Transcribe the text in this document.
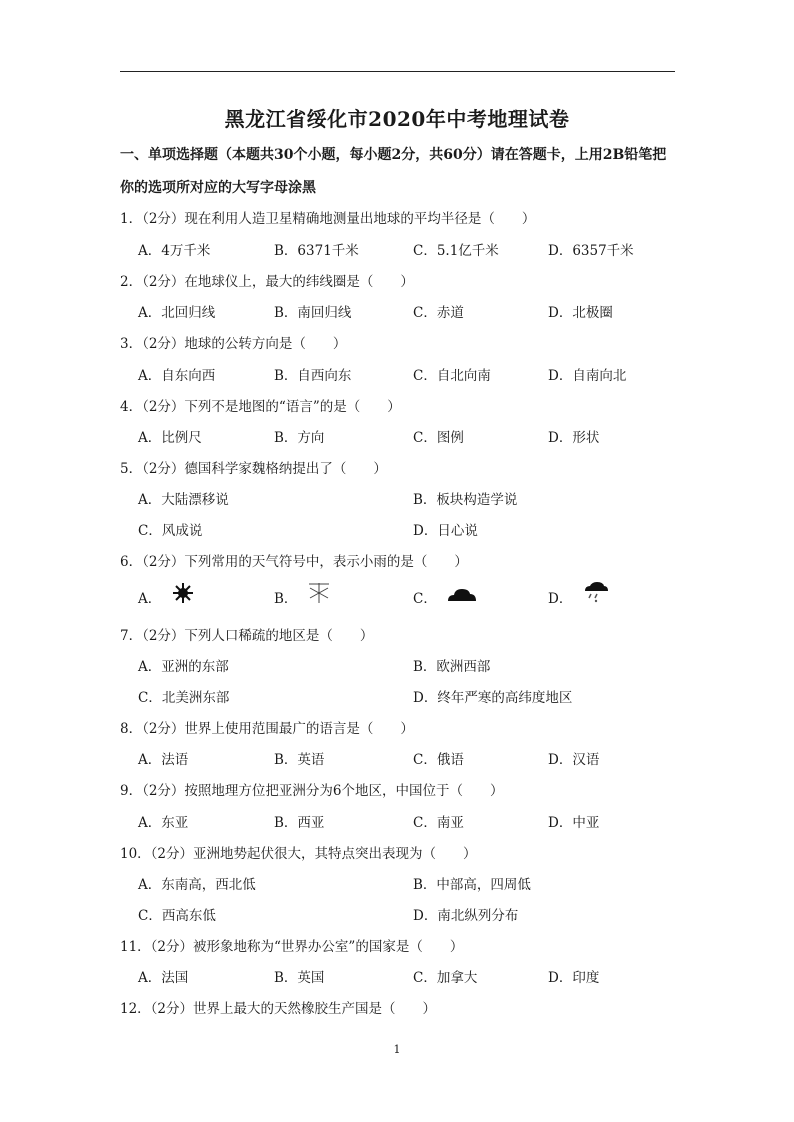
黑龙江省绥化市2020年中考地理试卷
一、单项选择题（本题共30个小题，每小题2分，共60分）请在答题卡，上用2B铅笔把
你的选项所对应的大写字母涂黑
1．（2分）现在利用人造卫星精确地测量出地球的平均半径是（　　）
A．4万千米	B．6371千米	C．5.1亿千米	D．6357千米
2．（2分）在地球仪上，最大的纬线圈是（　　）
A．北回归线	B．南回归线	C．赤道	D．北极圈
3．（2分）地球的公转方向是（　　）
A．自东向西	B．自西向东	C．自北向南	D．自南向北
4．（2分）下列不是地图的“语言”的是（　　）
A．比例尺	B．方向	C．图例	D．形状
5．（2分）德国科学家魏格纳提出了（　　）
A．大陆漂移说	B．板块构造学说
C．风成说	D．日心说
6．（2分）下列常用的天气符号中，表示小雨的是（　　）
A．	B．	C．	D．
7．（2分）下列人口稀疏的地区是（　　）
A．亚洲的东部	B．欧洲西部
C．北美洲东部	D．终年严寒的高纬度地区
8．（2分）世界上使用范围最广的语言是（　　）
A．法语	B．英语	C．俄语	D．汉语
9．（2分）按照地理方位把亚洲分为6个地区，中国位于（　　）
A．东亚	B．西亚	C．南亚	D．中亚
10．（2分）亚洲地势起伏很大，其特点突出表现为（　　）
A．东南高，西北低	B．中部高，四周低
C．西高东低	D．南北纵列分布
11．（2分）被形象地称为“世界办公室”的国家是（　　）
A．法国	B．英国	C．加拿大	D．印度
12．（2分）世界上最大的天然橡胶生产国是（　　）
1
